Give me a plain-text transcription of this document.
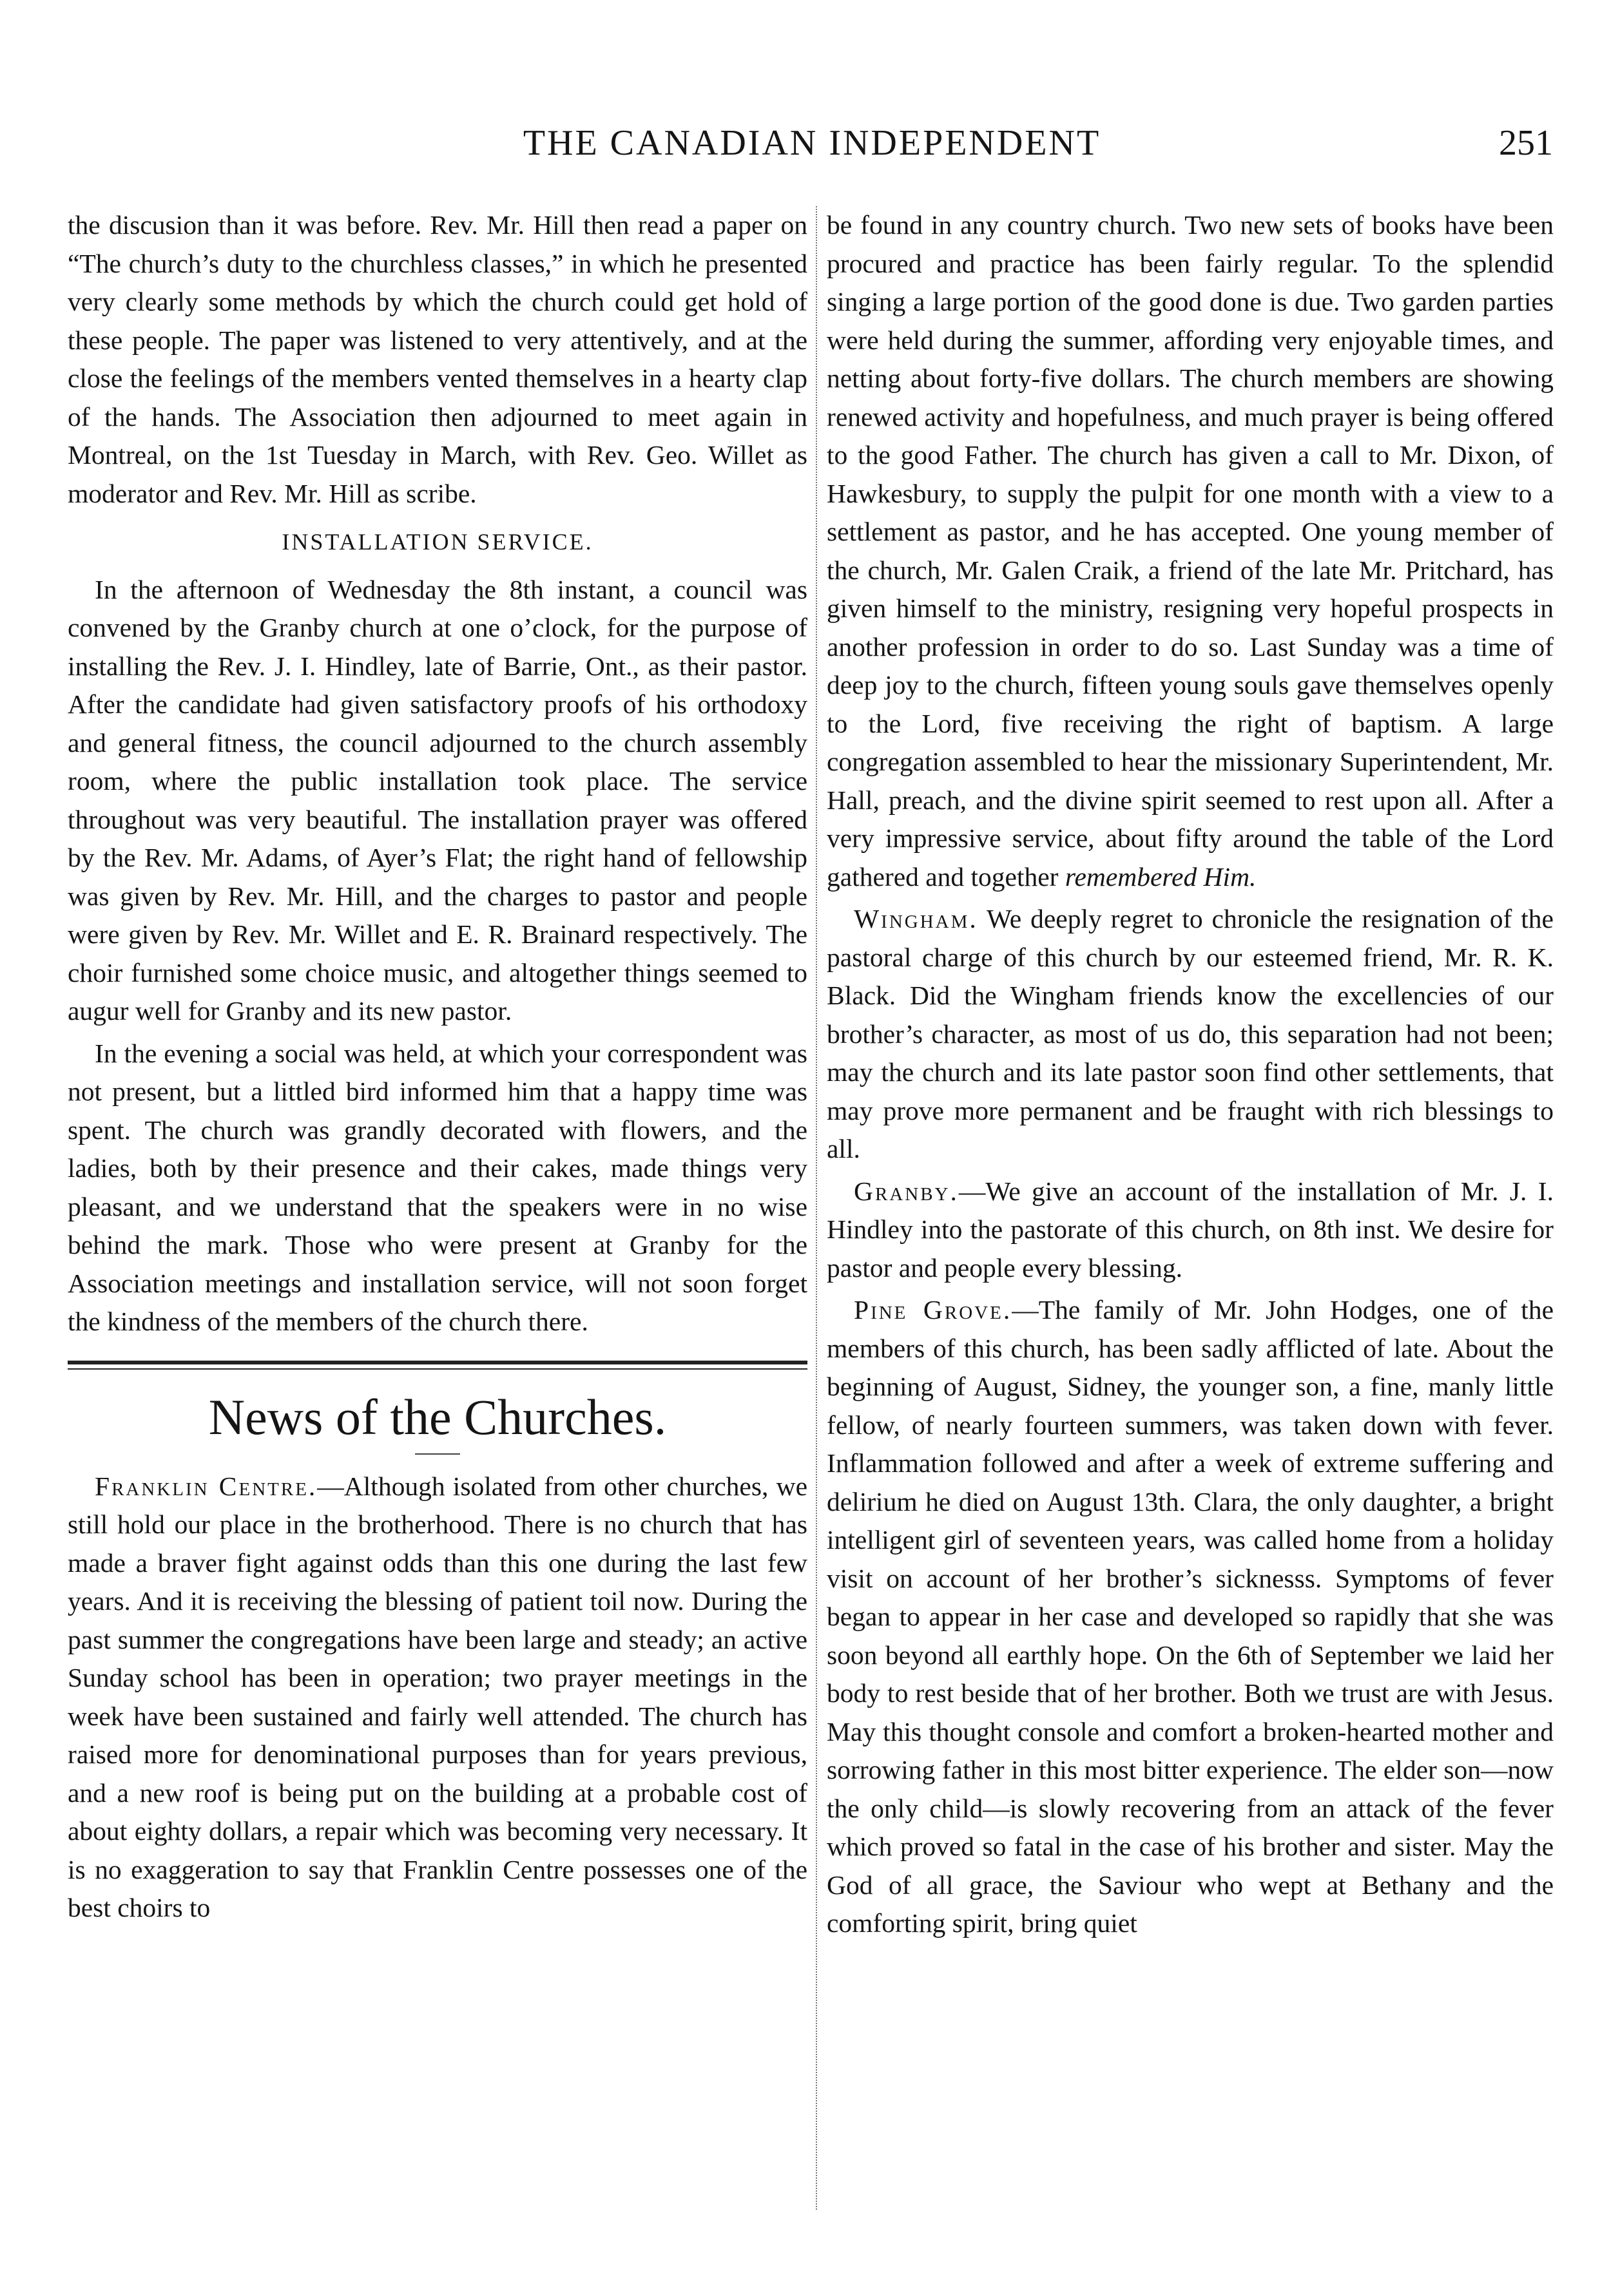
THE CANADIAN INDEPENDENT	251

the discusion than it was before. Rev. Mr. Hill then read a paper on “The church’s duty to the churchless classes,” in which he presented very clearly some methods by which the church could get hold of these people. The paper was listened to very attentively, and at the close the feelings of the members vented themselves in a hearty clap of the hands. The Association then adjourned to meet again in Montreal, on the 1st Tuesday in March, with Rev. Geo. Willet as moderator and Rev. Mr. Hill as scribe.

INSTALLATION SERVICE.

In the afternoon of Wednesday the 8th instant, a council was convened by the Granby church at one o’clock, for the purpose of installing the Rev. J. I. Hindley, late of Barrie, Ont., as their pastor. After the candidate had given satisfactory proofs of his orthodoxy and general fitness, the council adjourned to the church assembly room, where the public installation took place. The service throughout was very beautiful. The installation prayer was offered by the Rev. Mr. Adams, of Ayer’s Flat; the right hand of fellowship was given by Rev. Mr. Hill, and the charges to pastor and people were given by Rev. Mr. Willet and E. R. Brainard respectively. The choir furnished some choice music, and altogether things seemed to augur well for Granby and its new pastor.

In the evening a social was held, at which your correspondent was not present, but a littled bird informed him that a happy time was spent. The church was grandly decorated with flowers, and the ladies, both by their presence and their cakes, made things very pleasant, and we understand that the speakers were in no wise behind the mark. Those who were present at Granby for the Association meetings and installation service, will not soon forget the kindness of the members of the church there.

News of the Churches.

Franklin Centre.—Although isolated from other churches, we still hold our place in the brotherhood. There is no church that has made a braver fight against odds than this one during the last few years. And it is receiving the blessing of patient toil now. During the past summer the congregations have been large and steady; an active Sunday school has been in operation; two prayer meetings in the week have been sustained and fairly well attended. The church has raised more for denominational purposes than for years previous, and a new roof is being put on the building at a probable cost of about eighty dollars, a repair which was becoming very necessary. It is no exaggeration to say that Franklin Centre possesses one of the best choirs to

be found in any country church. Two new sets of books have been procured and practice has been fairly regular. To the splendid singing a large portion of the good done is due. Two garden parties were held during the summer, affording very enjoyable times, and netting about forty-five dollars. The church members are showing renewed activity and hopefulness, and much prayer is being offered to the good Father. The church has given a call to Mr. Dixon, of Hawkesbury, to supply the pulpit for one month with a view to a settlement as pastor, and he has accepted. One young member of the church, Mr. Galen Craik, a friend of the late Mr. Pritchard, has given himself to the ministry, resigning very hopeful prospects in another profession in order to do so. Last Sunday was a time of deep joy to the church, fifteen young souls gave themselves openly to the Lord, five receiving the right of baptism. A large congregation assembled to hear the missionary Superintendent, Mr. Hall, preach, and the divine spirit seemed to rest upon all. After a very impressive service, about fifty around the table of the Lord gathered and together remembered Him.

Wingham. We deeply regret to chronicle the resignation of the pastoral charge of this church by our esteemed friend, Mr. R. K. Black. Did the Wingham friends know the excellencies of our brother’s character, as most of us do, this separation had not been; may the church and its late pastor soon find other settlements, that may prove more permanent and be fraught with rich blessings to all.

Granby.—We give an account of the installation of Mr. J. I. Hindley into the pastorate of this church, on 8th inst. We desire for pastor and people every blessing.

Pine Grove.—The family of Mr. John Hodges, one of the members of this church, has been sadly afflicted of late. About the beginning of August, Sidney, the younger son, a fine, manly little fellow, of nearly fourteen summers, was taken down with fever. Inflammation followed and after a week of extreme suffering and delirium he died on August 13th. Clara, the only daughter, a bright intelligent girl of seventeen years, was called home from a holiday visit on account of her brother’s sicknesss. Symptoms of fever began to appear in her case and developed so rapidly that she was soon beyond all earthly hope. On the 6th of September we laid her body to rest beside that of her brother. Both we trust are with Jesus. May this thought console and comfort a broken-hearted mother and sorrowing father in this most bitter experience. The elder son—now the only child—is slowly recovering from an attack of the fever which proved so fatal in the case of his brother and sister. May the God of all grace, the Saviour who wept at Bethany and the comforting spirit, bring quiet
